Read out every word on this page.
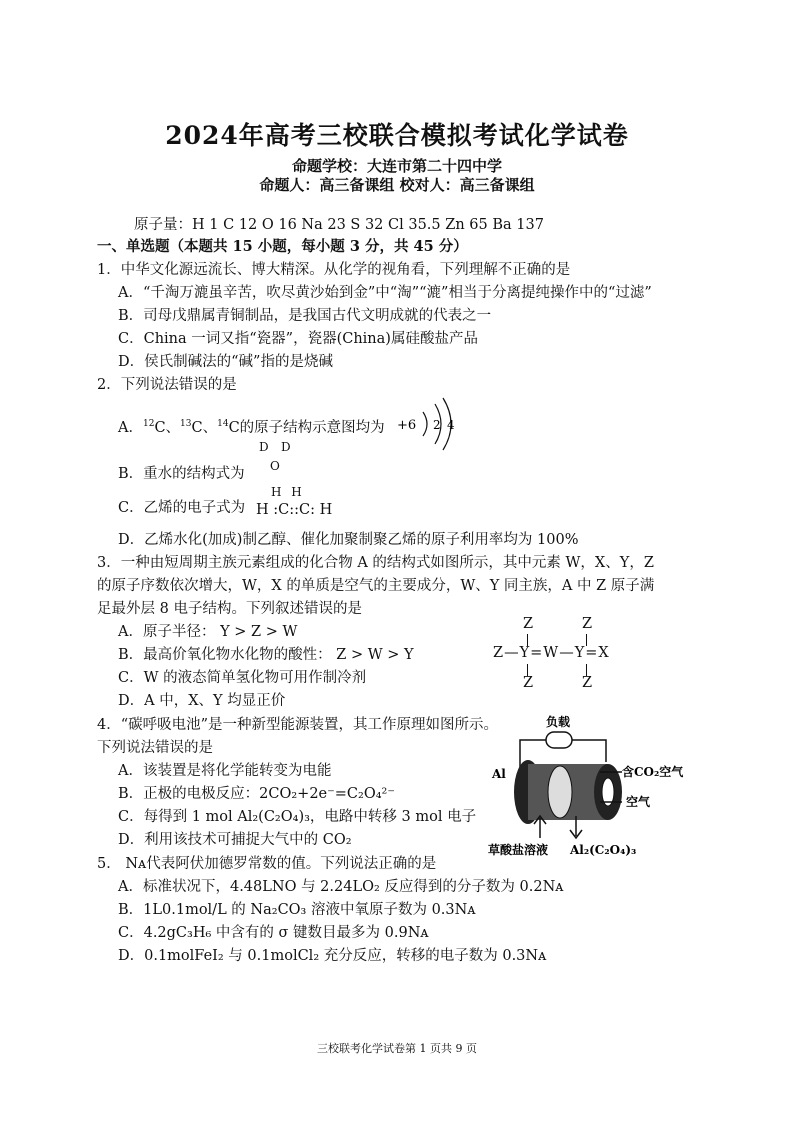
2024年高考三校联合模拟考试化学试卷
命题学校：大连市第二十四中学
命题人：高三备课组 校对人：高三备课组
原子量：H 1 C 12 O 16 Na 23 S 32 Cl 35.5 Zn 65 Ba 137
一、单选题（本题共 15 小题，每小题 3 分，共 45 分）
1．中华文化源远流长、博大精深。从化学的视角看，下列理解不正确的是
A．“千淘万漉虽辛苦，吹尽黄沙始到金”中“淘”“漉”相当于分离提纯操作中的“过滤”
B．司母戊鼎属青铜制品，是我国古代文明成就的代表之一
C．China 一词又指“瓷器”，瓷器(China)属硅酸盐产品
D．侯氏制碱法的“碱”指的是烧碱
2．下列说法错误的是
A．$^{12}$C、$^{13}$C、$^{14}$C的原子结构示意图均为 +6 2 4
D D
B．重水的结构式为 O
C．乙烯的电子式为
H H
H :C::C: H
D．乙烯水化(加成)制乙醇、催化加聚制聚乙烯的原子利用率均为 100%
3．一种由短周期主族元素组成的化合物 A 的结构式如图所示，其中元素 W，X、Y，Z
的原子序数依次增大，W，X 的单质是空气的主要成分，W、Y 同主族，A 中 Z 原子满
足最外层 8 电子结构。下列叙述错误的是
A．原子半径： Y > Z > W
B．最高价氧化物水化物的酸性： Z > W > Y
C．W 的液态简单氢化物可用作制冷剂
D．A 中，X、Y 均显正价
Z	Z
Z—Y=W—Y=X
Z	Z
4．“碳呼吸电池”是一种新型能源装置，其工作原理如图所示。
下列说法错误的是
A．该装置是将化学能转变为电能
B．正极的电极反应：2CO₂+2e⁻=C₂O₄²⁻
C．每得到 1 mol Al₂(C₂O₄)₃，电路中转移 3 mol 电子
D．利用该技术可捕捉大气中的 CO₂
负载
Al	含CO₂空气
空气
草酸盐溶液 Al₂(C₂O₄)₃
5． Nᴀ代表阿伏加德罗常数的值。下列说法正确的是
A．标准状况下，4.48LNO 与 2.24LO₂ 反应得到的分子数为 0.2Nᴀ
B．1L0.1mol/L 的 Na₂CO₃ 溶液中氧原子数为 0.3Nᴀ
C．4.2gC₃H₆ 中含有的 σ 键数目最多为 0.9Nᴀ
D．0.1molFeI₂ 与 0.1molCl₂ 充分反应，转移的电子数为 0.3Nᴀ
三校联考化学试卷第 1 页共 9 页
